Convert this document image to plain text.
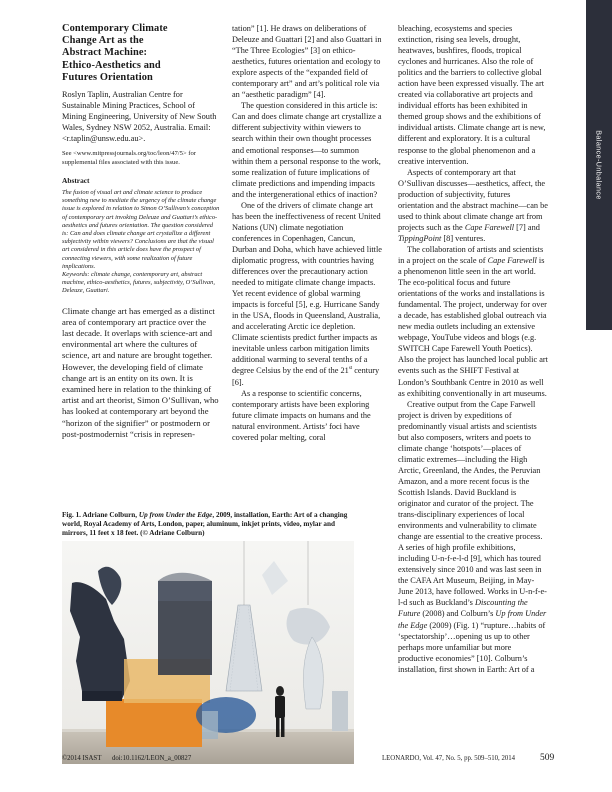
Balance-Unbalance
Contemporary Climate
Change Art as the
Abstract Machine:
Ethico-Aesthetics and
Futures Orientation

Roslyn Taplin, Australian Centre for Sustainable Mining Practices, School of Mining Engineering, University of New South Wales, Sydney NSW 2052, Australia. Email: <r.taplin@unsw.edu.au>.

See <www.mitpressjournals.org/toc/leon/47/5> for supplemental files associated with this issue.

Abstract

The fusion of visual art and climate science to produce something new to mediate the urgency of the climate change issue is explored in relation to Simon O’Sullivan’s conception of contemporary art invoking Deleuze and Guattari’s ethico-aesthetics and futures orientation. The question considered is: Can and does climate change art crystallize a different subjectivity within viewers? Conclusions are that the visual art considered in this article does have the prospect of connecting viewers, with some realization of future implications.

Keywords: climate change, contemporary art, abstract machine, ethico-aesthetics, futures, subjectivity, O’Sullivan, Deleuze, Guattari.

Climate change art has emerged as a distinct area of contemporary art practice over the last decade. It overlaps with science-art and environmental art where the cultures of science, art and nature are brought together. However, the developing field of climate change art is an entity on its own. It is examined here in relation to the thinking of artist and art theorist, Simon O’Sullivan, who has looked at contemporary art beyond the “horizon of the signifier” or postmodern or post-postmodernist “crisis in represen-

tation” [1]. He draws on deliberations of Deleuze and Guattari [2] and also Guattari in “The Three Ecologies” [3] on ethico-aesthetics, futures orientation and ecology to explore aspects of the “expanded field of contemporary art” and art’s political role via an “aesthetic paradigm” [4].

The question considered in this article is: Can and does climate change art crystallize a different subjectivity within viewers to search within their own thought processes and emotional responses—to summon within them a personal response to the work, some realization of future implications of climate predictions and impending impacts and the intergenerational ethics of inaction?

One of the drivers of climate change art has been the ineffectiveness of recent United Nations (UN) climate negotiation conferences in Copenhagen, Cancun, Durban and Doha, which have achieved little diplomatic progress, with countries having differences over the precautionary action needed to mitigate climate change impacts. Yet recent evidence of global warming impacts is forceful [5], e.g. Hurricane Sandy in the USA, floods in Queensland, Australia, and accelerating Arctic ice depletion. Climate scientists predict further impacts as inevitable unless carbon mitigation limits additional warming to several tenths of a degree Celsius by the end of the 21st century [6].

As a response to scientific concerns, contemporary artists have been exploring future climate impacts on humans and the natural environment. Artists’ foci have covered polar melting, coral

bleaching, ecosystems and species extinction, rising sea levels, drought, heatwaves, bushfires, floods, tropical cyclones and hurricanes. Also the role of politics and the barriers to collective global action have been expressed visually. The art created via collaborative art projects and individual efforts has been exhibited in themed group shows and the exhibitions of individual artists. Climate change art is new, different and exploratory. It is a cultural response to the global phenomenon and a creative intervention.

Aspects of contemporary art that O’Sullivan discusses—aesthetics, affect, the production of subjectivity, futures orientation and the abstract machine—can be used to think about climate change art from projects such as the Cape Farewell [7] and TippingPoint [8] ventures.

The collaboration of artists and scientists in a project on the scale of Cape Farewell is a phenomenon little seen in the art world. The eco-political focus and future orientations of the works and installations is fundamental. The project, underway for over a decade, has established global outreach via new media outlets including an extensive webpage, YouTube videos and blogs (e.g. SWITCH Cape Farewell Youth Poetics). Also the project has launched local public art events such as the SHIFT Festival at London’s Southbank Centre in 2010 as well as exhibiting conventionally in art museums.

Creative output from the Cape Farwell project is driven by expeditions of predominantly visual artists and scientists but also composers, writers and poets to climate change ‘hotspots’—places of climatic extremes—including the High Arctic, Greenland, the Andes, the Peruvian Amazon, and a more recent focus is the Scottish Islands. David Buckland is originator and curator of the project. The trans-disciplinary experiences of local environments and vulnerability to climate change are essential to the creative process. A series of high profile exhibitions, including U-n-f-e-l-d [9], which has toured extensively since 2010 and was last seen in the CAFA Art Museum, Beijing, in May-June 2013, have followed. Works in U-n-f-e-l-d such as Buckland’s Discounting the Future (2008) and Colburn’s Up from Under the Edge (2009) (Fig. 1) “rupture…habits of ‘spectatorship’…opening us up to other perhaps more unfamiliar but more productive economies” [10]. Colburn’s installation, first shown in Earth: Art of a

Fig. 1. Adriane Colburn, Up from Under the Edge, 2009, installation, Earth: Art of a changing world, Royal Academy of Arts, London, paper, aluminum, inkjet prints, video, mylar and mirrors, 11 feet x 18 feet. (© Adriane Colburn)
©2014 ISAST doi:10.1162/LEON_a_00827	LEONARDO, Vol. 47, No. 5, pp. 509–510, 2014	509
